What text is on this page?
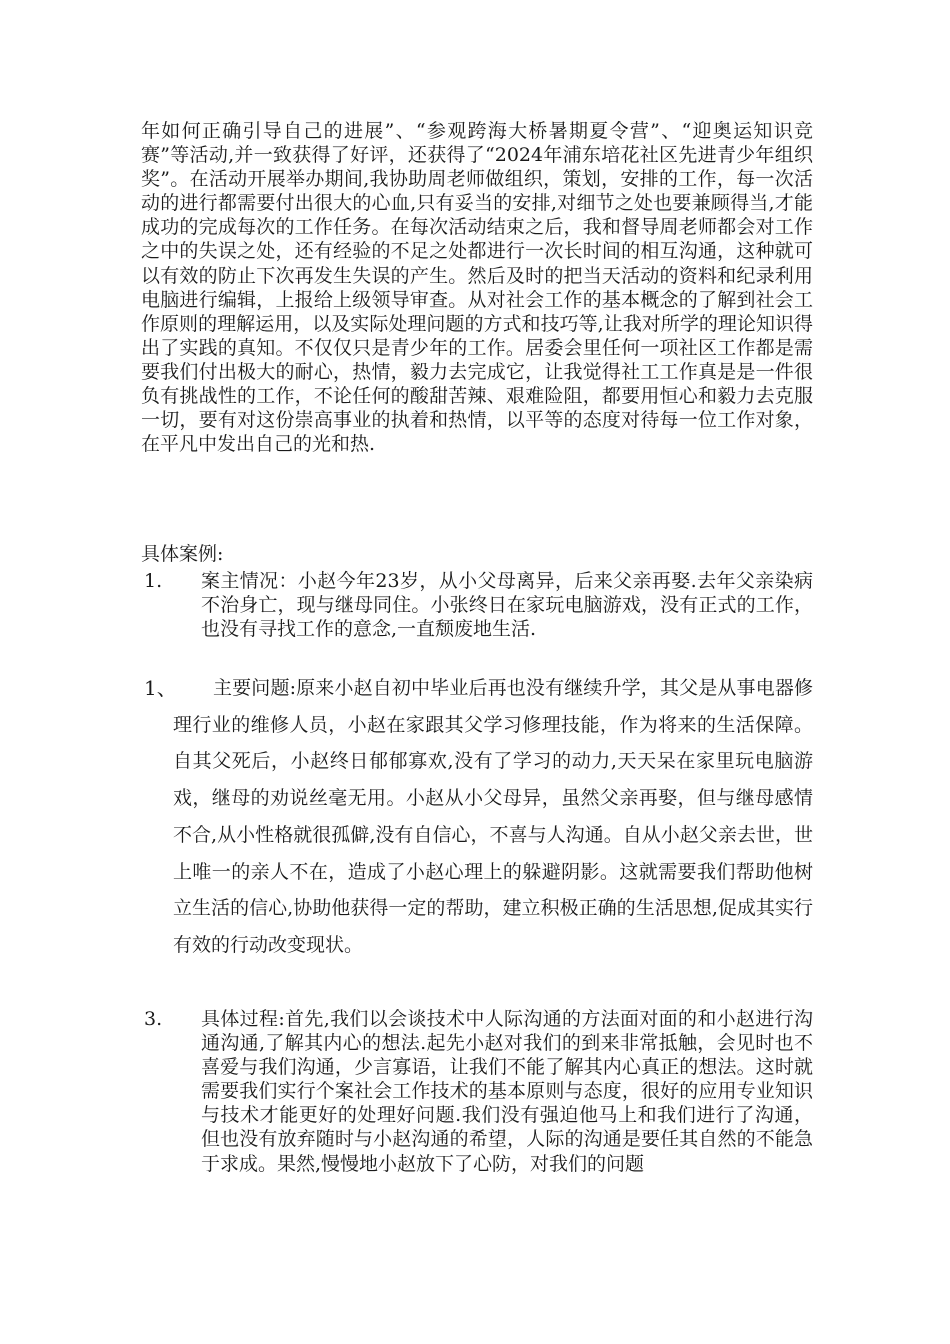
年如何正确引导自己的进展”、“参观跨海大桥暑期夏令营”、“迎奥运知识竞赛”等活动,并一致获得了好评，还获得了“2024年浦东培花社区先进青少年组织奖”。在活动开展举办期间,我协助周老师做组织，策划，安排的工作，每一次活动的进行都需要付出很大的心血,只有妥当的安排,对细节之处也要兼顾得当,才能成功的完成每次的工作任务。在每次活动结束之后，我和督导周老师都会对工作之中的失误之处，还有经验的不足之处都进行一次长时间的相互沟通，这种就可以有效的防止下次再发生失误的产生。然后及时的把当天活动的资料和纪录利用电脑进行编辑，上报给上级领导审查。从对社会工作的基本概念的了解到社会工作原则的理解运用，以及实际处理问题的方式和技巧等,让我对所学的理论知识得出了实践的真知。不仅仅只是青少年的工作。居委会里任何一项社区工作都是需要我们付出极大的耐心，热情，毅力去完成它，让我觉得社工工作真是是一件很负有挑战性的工作，不论任何的酸甜苦辣、艰难险阻，都要用恒心和毅力去克服一切，要有对这份崇高事业的执着和热情，以平等的态度对待每一位工作对象，在平凡中发出自己的光和热.

具体案例:
1. 案主情况：小赵今年23岁，从小父母离异，后来父亲再娶.去年父亲染病不治身亡，现与继母同住。小张终日在家玩电脑游戏，没有正式的工作，也没有寻找工作的意念,一直颓废地生活.
1、	主要问题:原来小赵自初中毕业后再也没有继续升学，其父是从事电器修理行业的维修人员，小赵在家跟其父学习修理技能，作为将来的生活保障。自其父死后，小赵终日郁郁寡欢,没有了学习的动力,天天呆在家里玩电脑游戏，继母的劝说丝毫无用。小赵从小父母异，虽然父亲再娶，但与继母感情不合,从小性格就很孤僻,没有自信心，不喜与人沟通。自从小赵父亲去世，世上唯一的亲人不在，造成了小赵心理上的躲避阴影。这就需要我们帮助他树立生活的信心,协助他获得一定的帮助，建立积极正确的生活思想,促成其实行有效的行动改变现状。
3. 具体过程:首先,我们以会谈技术中人际沟通的方法面对面的和小赵进行沟通沟通,了解其内心的想法.起先小赵对我们的到来非常抵触，会见时也不喜爱与我们沟通，少言寡语，让我们不能了解其内心真正的想法。这时就需要我们实行个案社会工作技术的基本原则与态度，很好的应用专业知识与技术才能更好的处理好问题.我们没有强迫他马上和我们进行了沟通，但也没有放弃随时与小赵沟通的希望，人际的沟通是要任其自然的不能急于求成。果然,慢慢地小赵放下了心防，对我们的问题
